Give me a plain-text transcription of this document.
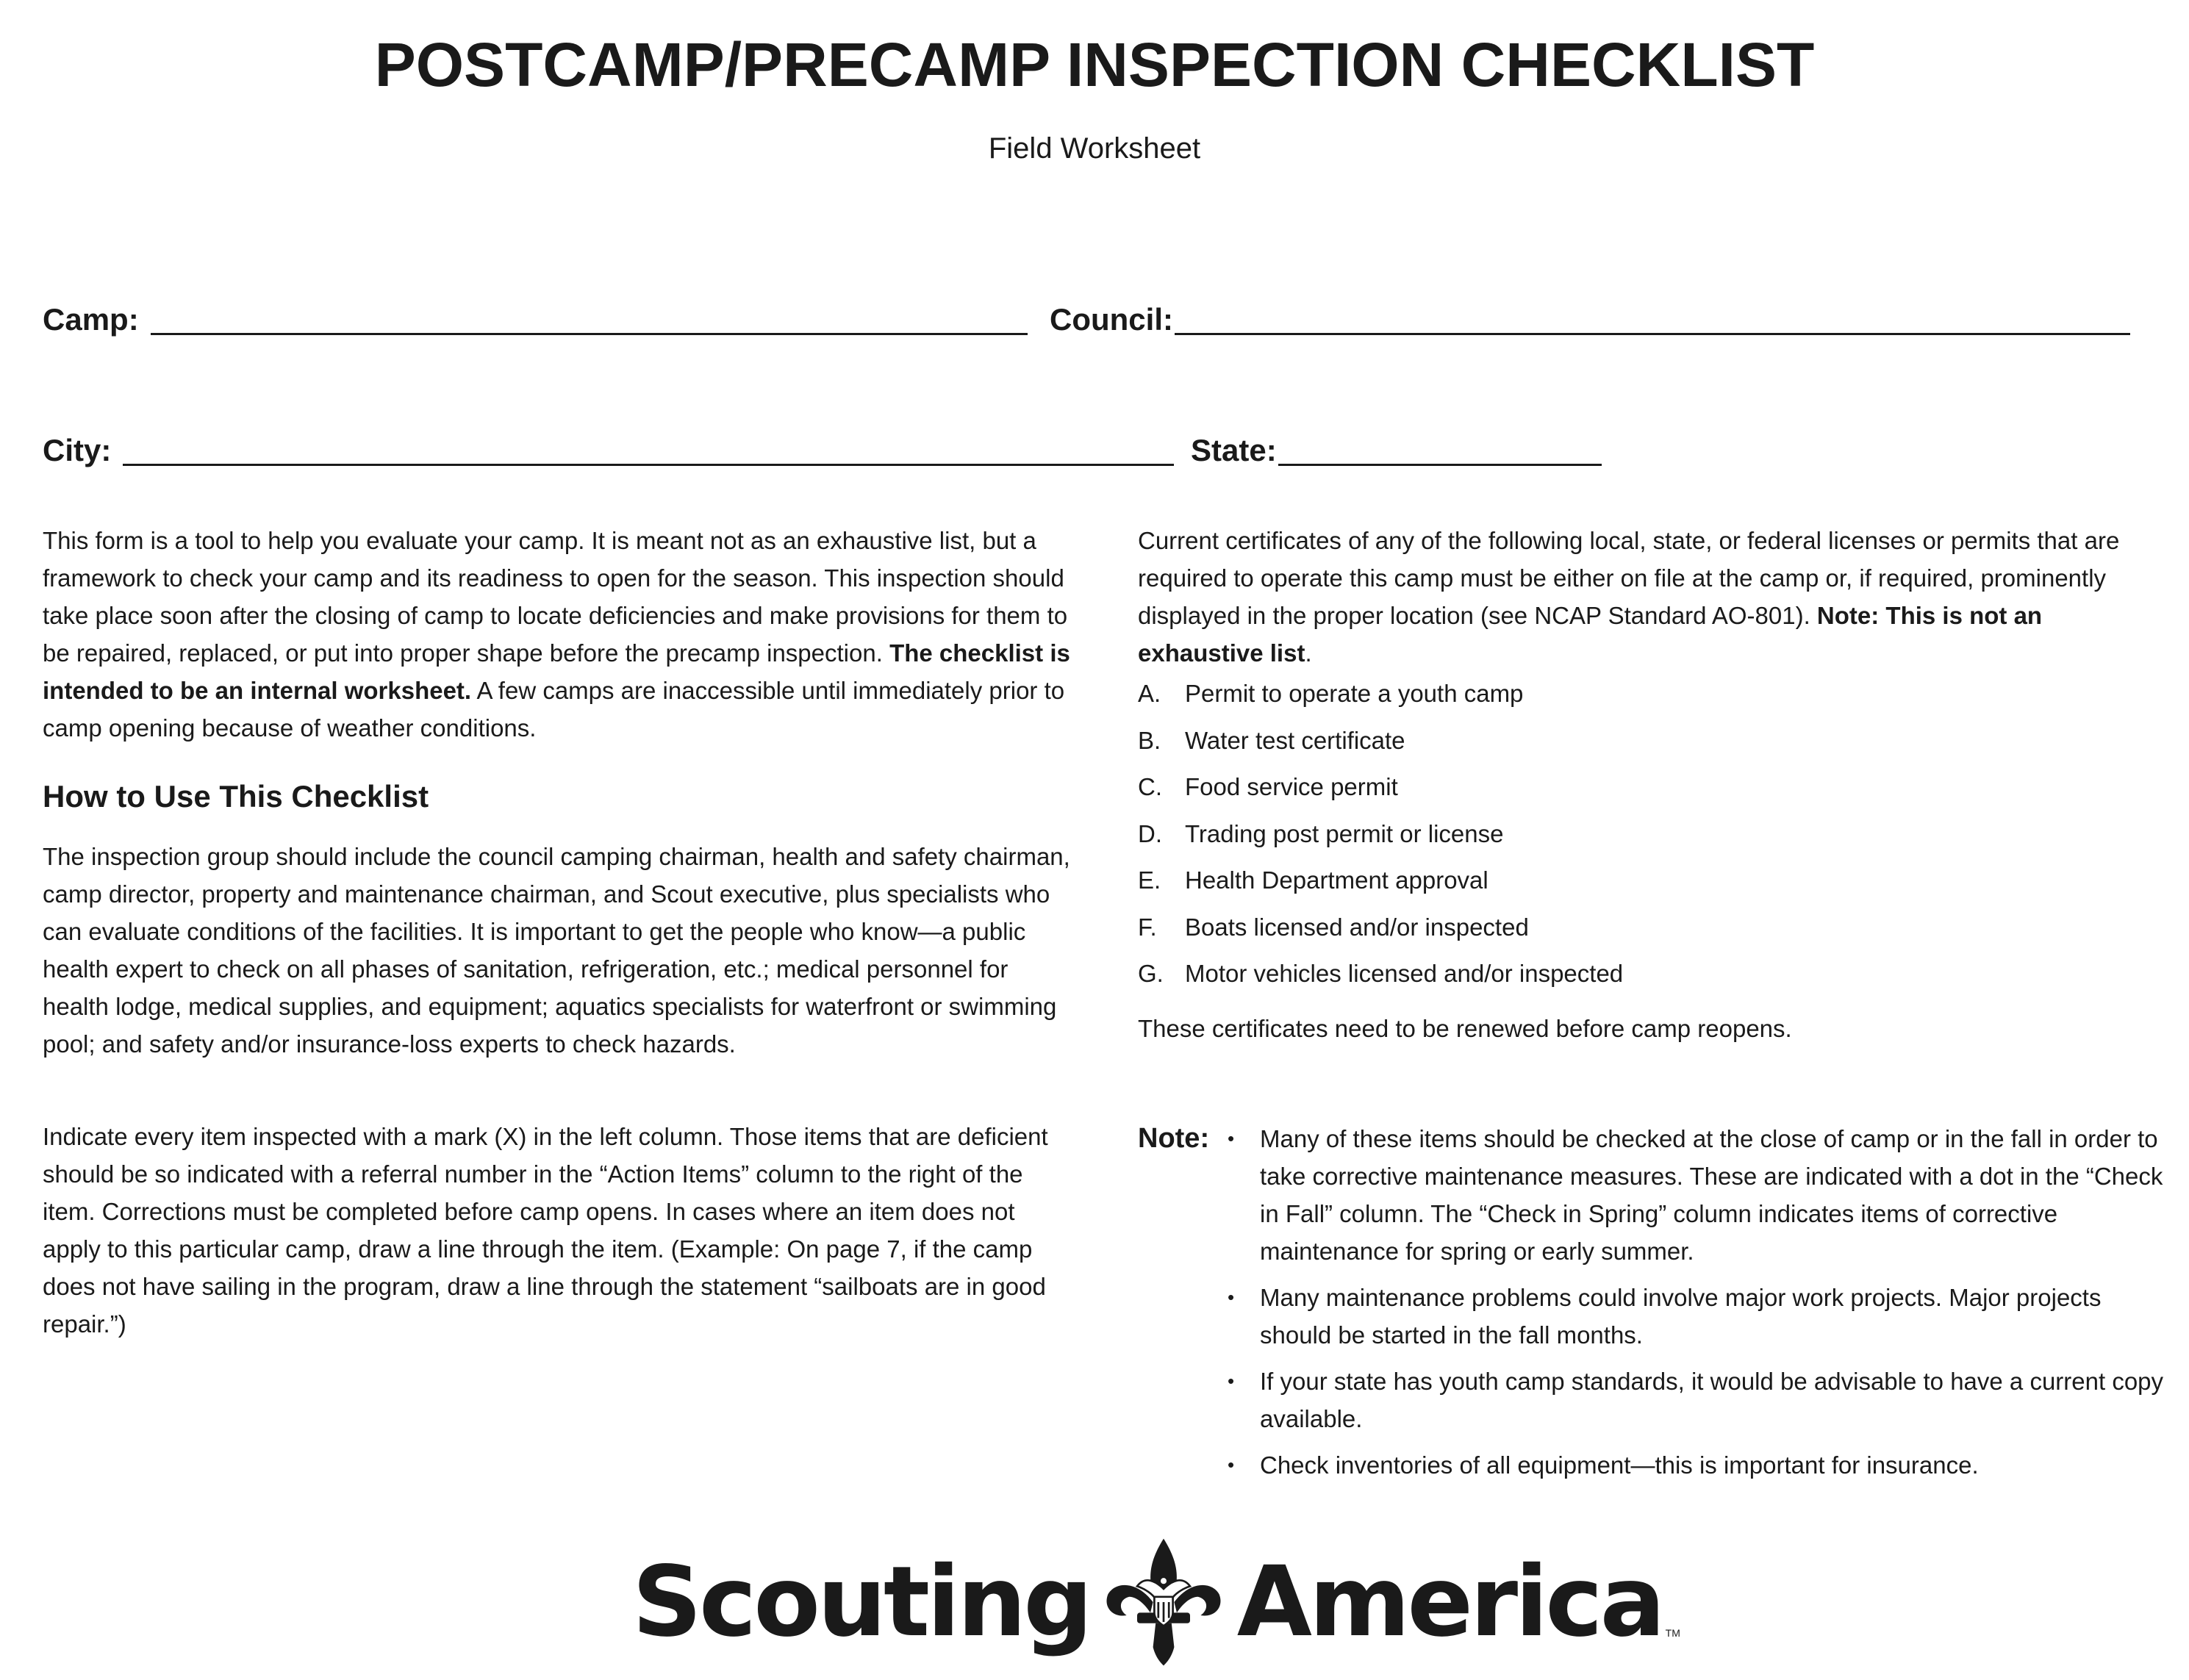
POSTCAMP/PRECAMP INSPECTION CHECKLIST
Field Worksheet
Camp:	Council:
City:	State:

This form is a tool to help you evaluate your camp. It is meant not as an exhaustive list, but a framework to check your camp and its readiness to open for the season. This inspection should take place soon after the closing of camp to locate deficiencies and make provisions for them to be repaired, replaced, or put into proper shape before the precamp inspection. The checklist is intended to be an internal worksheet. A few camps are inaccessible until immediately prior to camp opening because of weather conditions.

How to Use This Checklist

The inspection group should include the council camping chairman, health and safety chairman, camp director, property and maintenance chairman, and Scout executive, plus specialists who can evaluate conditions of the facilities. It is important to get the people who know—a public health expert to check on all phases of sanitation, refrigeration, etc.; medical personnel for health lodge, medical supplies, and equipment; aquatics specialists for waterfront or swimming pool; and safety and/or insurance-loss experts to check hazards.

Indicate every item inspected with a mark (X) in the left column. Those items that are deficient should be so indicated with a referral number in the “Action Items” column to the right of the item. Corrections must be completed before camp opens. In cases where an item does not apply to this particular camp, draw a line through the item. (Example: On page 7, if the camp does not have sailing in the program, draw a line through the statement “sailboats are in good repair.”)

Current certificates of any of the following local, state, or federal licenses or permits that are required to operate this camp must be either on file at the camp or, if required, prominently displayed in the proper location (see NCAP Standard AO-801). Note: This is not an exhaustive list.

A. Permit to operate a youth camp
B. Water test certificate
C. Food service permit
D. Trading post permit or license
E. Health Department approval
F.	Boats licensed and/or inspected
G. Motor vehicles licensed and/or inspected

These certificates need to be renewed before camp reopens.

Note: •	Many of these items should be checked at the close of camp or in the fall in order to take corrective maintenance measures. These are indicated with a dot in the “Check in Fall” column. The “Check in Spring” column indicates items of corrective maintenance for spring or early summer.
•	Many maintenance problems could involve major work projects. Major projects should be started in the fall months.
•	If your state has youth camp standards, it would be advisable to have a current copy available.
•	Check inventories of all equipment—this is important for insurance.
Scouting America TM
